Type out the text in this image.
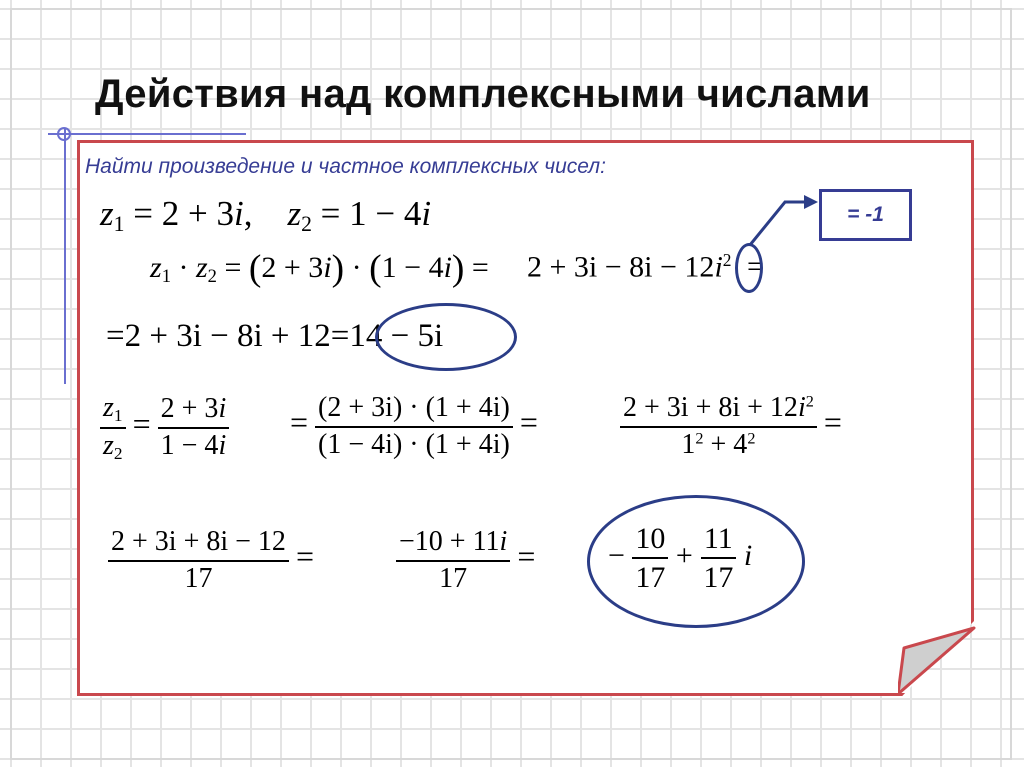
Действия над комплексными числами

Найти произведение и частное комплексных чисел:

$z_1 = 2 + 3i$, $z_2 = 1 - 4i$
$z_1 \cdot z_2 = (2 + 3i) \cdot (1 - 4i) = 2 + 3i - 8i - 12i^2$ =
=2 + 3i − 8i + 12=14 − 5i
$\frac{z_1}{z_2} = \frac{2 + 3i}{1 - 4i} = \frac{(2 + 3i) \cdot (1 + 4i)}{(1 - 4i) \cdot (1 + 4i)}$ =	$\frac{2 + 3i + 8i + 12i^2}{1^2 + 4^2}$ =
$\frac{2 + 3i + 8i - 12}{17}$ =	$\frac{-10 + 11i}{17}$ = − $\frac{10}{17} + \frac{11}{17}$ i
= -1
